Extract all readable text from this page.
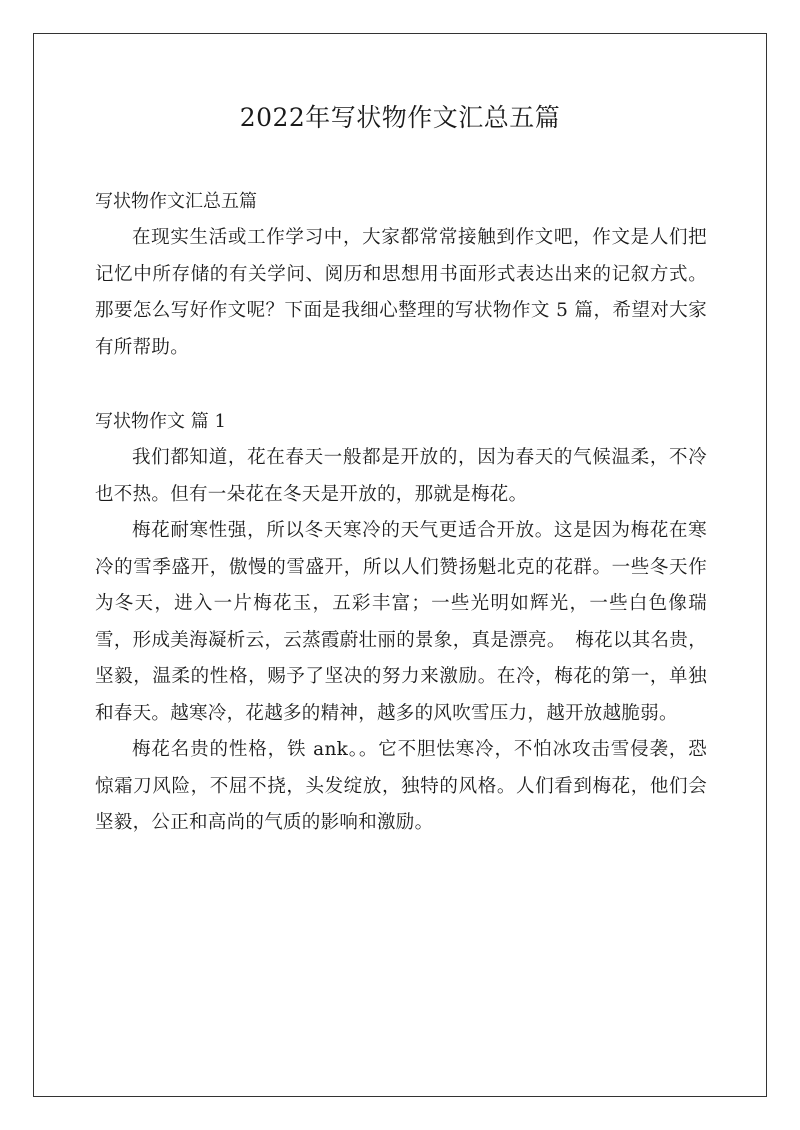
2022年写状物作文汇总五篇
写状物作文汇总五篇

在现实生活或工作学习中，大家都常常接触到作文吧，作文是人们把记忆中所存储的有关学问、阅历和思想用书面形式表达出来的记叙方式。那要怎么写好作文呢？下面是我细心整理的写状物作文 5 篇，希望对大家有所帮助。

写状物作文 篇 1

我们都知道，花在春天一般都是开放的，因为春天的气候温柔，不冷也不热。但有一朵花在冬天是开放的，那就是梅花。

梅花耐寒性强，所以冬天寒冷的天气更适合开放。这是因为梅花在寒冷的雪季盛开，傲慢的雪盛开，所以人们赞扬魁北克的花群。一些冬天作为冬天，进入一片梅花玉，五彩丰富；一些光明如辉光，一些白色像瑞雪，形成美海凝析云，云蒸霞蔚壮丽的景象，真是漂亮。　梅花以其名贵，坚毅，温柔的性格，赐予了坚决的努力来激励。在冷，梅花的第一，单独和春天。越寒冷，花越多的精神，越多的风吹雪压力，越开放越脆弱。

梅花名贵的性格，铁 ank。。它不胆怯寒冷，不怕冰攻击雪侵袭，恐惊霜刀风险，不屈不挠，头发绽放，独特的风格。人们看到梅花，他们会坚毅，公正和高尚的气质的影响和激励。
